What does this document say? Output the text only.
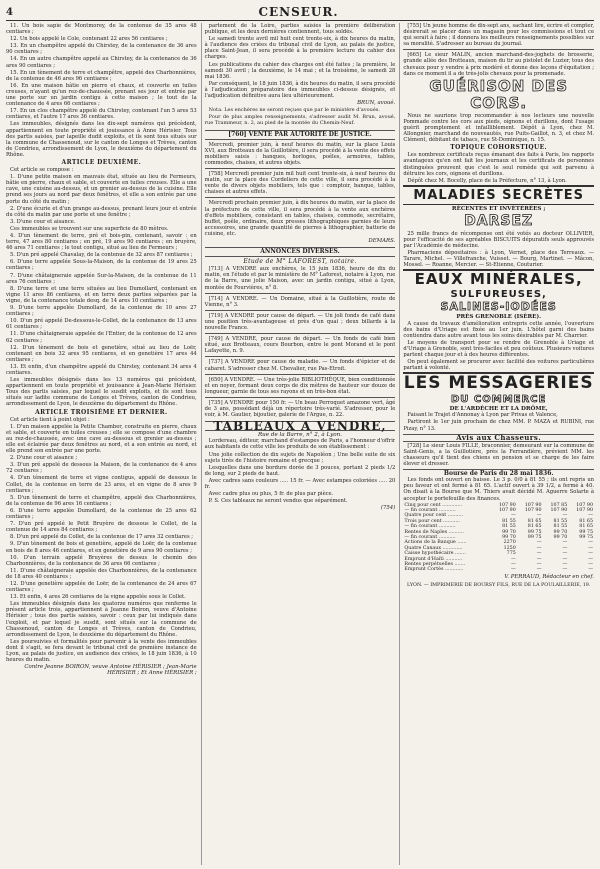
4	CENSEUR.

11. Un bois sapie de Montmorey, de la contenue de 35 ares 48 centiares ;

12. Un bois appelé le Cole, contenant 22 ares 56 centiares ;

13. En un champêtre appelé du Chirstey, de la contenance de 36 ares 90 centiares ;

14. En un autre champêtre appelé au Chirstey, de la contenance de 36 ares 90 centiares ;

15. En un tènement de terre et champêtre, appelé des Charbonnières, de la contenue de 46 ares 96 centiares ;

16. En une maison bâtie en pierre et chaux, et couverte en tuiles creuses, n'ayant qu'un rez-de-chaussée, prenant ses jour et entrée par une porte sur un jardin contigu à cette maison ; le tout de la contenance de 4 ares 66 centiares ;

17. En un clos champêtre appelé du Chirstey, contenant l'un 5 ares 53 centiares, et l'autre 17 ares 36 centiares.

Les immeubles, désignés dans les dix-sept numéros qui précèdent, appartiennent en toute propriété et jouissance à Anne Hérisier. Tous des partis saisies, par lapeille dudit exploits, et ils sont tous situés sur la commune de Chassenoud, sur le canton de Longes et Trèves, canton de Condrieu, arrondissement de Lyon, le deuxième du département du Rhône.

ARTICLE DEUXIÈME.

Cet article se compose :

1. D'une petite maison en mauvais état, située au lieu de Fermeurs, bâtie en pierre, chaux et sable, et couverte en tuiles creuses. Elle a une cave, une cuisine au-dessus, et un grenier au-dessus de la cuisine. Elle prend ses jours au nord par deux fenêtres, et elle a son entrée par une porte du côté du matin ;

2. D'une écurie et d'un grange au-dessus, prenant leurs jour et entrée du côté du matin par une porte et une fenêtre ;

3. D'une cour et aisance.

Ces immeubles se trouvent sur une superficie de 80 mètres.

4. D'un tènement de terre, pré et bois-pin, contenant, savoir : en terre, 47 ares 80 centiares ; en pré, 19 ares 90 centiares ; en bruyère, 46 ares 71 centiares ; le tout contigu, situé au lieu de Fermeurs ;

5. D'un pré appelé Chavalay, de la contenue de 32 ares 87 centiares ;

6. D'une terre appelée Sous-la-Maison, de la contenue de 19 ares 25 centiares ;

7. D'une châtaigneraie appelée Sur-la-Maison, de la contenue de 11 ares 76 centiares ;

8. D'une terre et une terre situées au lieu Dumollard, contenant en vigne 11 ares 86 centiares, et en terre deux parties séparées par la vigne, de la contenance totale desq. de 14 ares 10 centiares ;

9. D'une terre appelée Dumollard, de la contenue de 10 ares 27 centiares ;

10. D'un pré appelé De-dessous-le-Collet, de la contenance de 13 ares 61 centiares ;

11. D'une châtaigneraie appelée de l'Entier, de la contenue de 12 ares 62 centiares ;

12. D'un tènement de bois et genetière, situé au lieu de Loër, contenant en bois 32 ares 95 centiares, et en genetière 17 ares 44 centiares ;

13. Et enfin, d'un champêtre appelé du Chirstey, contenant 34 ares 4 centiares.

Les immeubles désignés dans les 13 numéros qui précèdent, appartiennent en toute propriété et jouissance à Jean-Marie Hérisier. Tous des partis saisies, par lequel le susdit exploits, et ils sont tous situés sur ladite commune de Longes et Trèves, canton de Condrieu, arrondissement de Lyon, le deuxième du département du Rhône.

ARTICLE TROISIÈME ET DERNIER.

Cet article tient à point objet :

1. D'un maison appelée la Petite Chamber, construite en pierre, chaux et sable, et couverte en tuiles creuses ; elle se compose d'une chambre au rez-de-chaussée, avec une cave au-dessous et grenier au-dessus ; elle est éclairée par deux fenêtres au nord, et a son entrée au nord, et elle prend son entrée par une porte.

2. D'une cour et aisance ;

3. D'un pré appelé de dessous la Maison, de la contenance de 4 ares 72 centiares ;

4. D'un tènement de terre et vigne contigus, appelé de dessous le Collet, de la contenue en terre de 23 ares, et en vigne de 8 ares 9 centiares ;

5. D'un tènement de terre et champêtre, appelé des Charbonnières, de la contenue de 96 ares 16 centiares ;

6. D'une terre appelée Dumollard, de la contenue de 25 ares 62 centiares ;

7. D'un pré appelé le Petit Bruyère de dessous le Collet, de la contenue de 14 ares 84 centiares ;

8. D'un pré appelé du Collet, de la contenue de 17 ares 32 centiares ;

9. D'un tènement de bois et genetière, appelé de Loër, de la contenue en bois de 8 ares 46 centiares, et en genetière de 9 ares 90 centiares ;

10. D'un terrain appelé Bruyères de dessus le chemin des Charbonnières, de la contenance de 36 ares 66 centiares ;

11. D'une châtaigneraie appelée des Charbonnières, de la contenance de 18 ares 40 centiares ;

12. D'une genetière appelée de Loër, de la contenance de 24 ares 67 centiares ;

13. Et enfin, 4 ares 26 centiares de la vigne appelée sous le Collet.

Les immeubles désignés dans les quatorze numéros que renferme le présent article trois, appartiennent à Jeanne Boiron, veuve d'Antoine Hérisier ; tous des partis saisies, savoir : ceux par lui indiqués dans l'exploit, et par lequel je susdit, sont situés sur la commune de Chassenoud, canton de Longes et Trèves, canton de Condrieu, arrondissement de Lyon, le deuxième du département du Rhône.

Les poursuivies et formalités pour parvenir à la vente des immeubles dont il s'agit, se fera devant le tribunal civil de première instance de Lyon, au palais de justice, en audience des criées, le 18 juin 1836, à 10 heures du matin.

Contre Jeanne BOIRON, veuve Antoine HÉRISIER ; Jean-Marie HÉRISIER ; Et Anne HÉRISIER ;

partement de la Loire, parties saisies la première délibération publique, et les deux dernières contiennent, tous soldés.

Le samedi trente avril mil huit cent trente-six, à dix heures du matin, à l'audience des criées du tribunal civil de Lyon, au palais de justice, place Saint-Jean, il sera procédé à la première lecture du cahier des charges.

Les publications du cahier des charges ont été faites ; la première, le samedi 30 avril ; la deuxième, le 14 mai ; et la troisième, le samedi 28 mai 1836.

Par conséquent, le 18 juin 1836, à dix heures du matin, il sera procédé à l'adjudication préparatoire des immeubles ci-dessus désignés, et l'adjudication définitive aura lieu ultérieurement.

BRUN, avoué.

Nota. Les enchères ne seront reçues que par le ministère d'avoués.

Pour de plus amples renseignements, s'adresser audit M. Brun, avoué, rue Trammeur, n. 2, au pied de la montée du Chemin-Neuf.

[760] VENTE PAR AUTORITÉ DE JUSTICE.

Mercredi, premier juin, à neuf heures du matin, sur la place Louis XVI, aux Brotteaux de la Guillotière, il sera procédé à la vente des effets mobiliers saisis : banques, horloges, poêles, armoires, tables, commodes, chaises, et autres objets.

[758] Mercredi premier juin mil huit cent trente-six, à neuf heures du matin, sur la place des Cordeliers de cette ville, il sera procédé à la vente de divers objets mobiliers, tels que : comptoir, banque, tables, chaises et autres effets.

Mercredi prochain premier juin, à dix heures du matin, sur la place de la préfecture de cette ville, il sera procédé à la vente aux enchères d'effets mobiliers, consistant en tables, chaises, commode, secrétaire, buffet, poêle, ordinaire, deux presses lithographiques garnies de leurs accessoires, une grande quantité de pierres à lithographier, batterie de cuisine, etc.

DEMARS.
ANNONCES DIVERSES.
Etude de M° LAFOREST, notaire.

[713] A VENDRE aux enchères, le 15 juin 1836, heure de dix du matin, en l'étude et par le ministère de M° Laforest, notaire à Lyon, rue de la Barre, une jolie Maison, avec un jardin contigu, situé à Lyon, montée de Fourvières, n° 8.

[714] A VENDRE. — Un Domaine, situé à la Guillotière, route de Vienne, n° 3.

[719] A VENDRE pour cause de départ. — Un joli fonds de café dans une position très-avantageuse et près d'un quai ; deux billards à la nouvelle France.

[749] A VENDRE, pour cause de départ. — Un fonds de café bien situé, aux Brotteaux, cours Bourbon, entre le pont Morand et le pont Lafayette, n. 9.

[737] A VENDRE pour cause de maladie. — Un fonds d'épicier et de cabaret. S'adresser chez M. Chevalier, rue Pas-Etroit.

[650] A VENDRE. — Une très-jolie BIBLIOTHÈQUE, bien conditionnée et en noyer, formant deux corps de dix mètres de hauteur sur douze de longueur, garnie de tous ses rayons et en très-bon état.

[735] A VENDRE pour 150 fr. — Un beau Perroquet amazone vert, âgé de 3 ans, possédant déjà un répertoire très-varié. S'adresser, pour le voir, à M. Gautier, bijoutier, galerie de l'Argue, n. 22.

TABLEAUX A VENDRE,
Rue de la Barre, n° 2, à Lyon.

Lordereau, éditeur, marchand d'estampes de Paris, a l'honneur d'offrir aux habitants de cette ville les produits de son établissement :

Une jolie collection de dix sujets de Napoléon ; Une belle suite de six sujets tirés de l'histoire romaine et grecque ;

Lesquelles dans une bordure dorée de 3 pouces, portant 2 pieds 1/2 de long, sur 2 pieds de haut.

Avec cadres sans couleurs ..... 15 fr. — Avec estampes coloriées ..... 20 fr.

Avec cadre plus ou plus, 5 fr. de plus par pièce.

P. S. Ces tableaux ne seront vendus que séparément.

(754)

[755] Un jeune homme de dix-sept ans, sachant lire, écrire et compter, désirerait se placer dans un magasin pour les commissions et tout ce qui serait à faire ; il donnera les meilleurs renseignements possibles sur sa moralité. S'adresser au bureau du journal.

[665] Le sieur MALIN, ancien marchand-des-joghets de brosserie, grande allée des Brotteaux, maison du tir au pistolet de Luzier, tous des chevaux pour y vendre à prix modéré et donne des leçons d'équitation ; dans ce moment il a de très-jolis chevaux pour la promenade.

GUÉRISON DES CORS.

Nous ne saurions trop recommander à nos lecteurs une nouvelle Pommade contre les cors aux pieds, oignons et durillons, dont l'usage guérit promptement et infailliblement. Dépôt à Lyon, chez M. Allongnier, marchand de nouveautés, rue Puits-Gaillot, n. 3, et chez M. Clément, débitant de tabacs, rue St-Dominique, n. 15.

TOPIQUE COHORSTIQUE.

Les nombreux certificats reçus émanant des faits à Paris, les rapports avantageux qu'en ont fait les journaux et les certificats de personnes distinguées prouvent que c'est le seul remède qui soit parvenu à détruire les cors, oignons et durillons.

Dépôt chez M. Bocelly, place de la Préfecture, n° 13, à Lyon.

MALADIES SECRÈTES
RÉCENTES ET INVÉTÉRÉES ;
DARSEZ

25 mille francs de récompense ont été votés au docteur OLLIVIER, pour l'efficacité de ses agréables BISCUITS dépuratifs seuls approuvés par l'Académie de médecine.

Pharmaciens dépositaires : à Lyon, Vernet, place des Terreaux. — Tarare, Michel. — Villefranche, Vuisset. — Bourg, Martinet. — Mâcon, Mossel. — Roanne, Mercier. — St-Etienne, Couturier.

EAUX MINÉRALES,
SULFUREUSES,
SALINES-IODÉES
PRÈS GRENOBLE (ISÈRE).

A cause du travaux d'amélioration entrepris cette année, l'ouverture des bains d'Uriage est fixée au 1er juin. L'hôtel garni des bains contiendra dans autre avant tous les soins désirables par M. Charrier.

Le moyens de transport pour se rendre de Grenoble à Uriage et d'Uriage à Grenoble, sont très-faciles et peu coûteux. Plusieurs voitures partent chaque jour et à des heures différentes.

On peut également se procurer avec facilité des voitures particulières partant à volonté.

LES MESSAGERIES
DU COMMERCE
DE L'ARDÈCHE ET LA DRÔME,

Faisant le Trajet d'Annonay à Lyon par Privas et Valence,

Partiront le 1er juin prochain de chez MM. P. MAZA et RUBINI, rue Pizay, n° 13.

Avis aux Chasseurs.

[728] Le sieur Louis FILLE, braconnier, demeurant sur la commune de Saint-Genis, a la Guillotière, près la Ferrandière, prévient MM. les chasseurs qu'il tient des chiens en pension et se charge de les faire élever et dresser.

Bourse de Paris du 28 mai 1836.

Les fonds ont ouvert en baisse. Le 3 p. 0/0 à 81 55 ; ils ont repris un peu faveur et ont fermé à 81 65. L'actif ouvert à 39 1/2, a fermé à 40. On disait à la Bourse que M. Thiers avait décidé M. Aguerre Solarte à accepter le portefeuille des finances.

Cinq pour cent .............	107 90	107 90	107 85	107 90
— fin courant ...........	107 90	107 90	107 90	107 90
Quatre pour cent ..........	—	—	—	—
Trois pour cent ...........	81 55	81 65	81 55	81 65
— fin courant ...........	81 55	81 65	81 55	81 65
Rentes de Naples ..........	99 70	99 75	99 70	99 75
— fin courant ...........	99 70	99 75	99 70	99 75
Actions de la Banque ......	2270	—	—	—
Quatre Canaux .............	1250	—	—	—
Caisse hypothécaire .......	775	—	—	—
Emprunt d'Haïti ...........	—	—	—	—
Rentes perpétuelles .......	—	—	—	—
Emprunt Cortès ............	—	—	—	—
V. PERRAUD, Rédacteur en chef.
LYON. — IMPRIMERIE DE BOURSY FILS, RUE DE LA POULAILLERIE, 19.
